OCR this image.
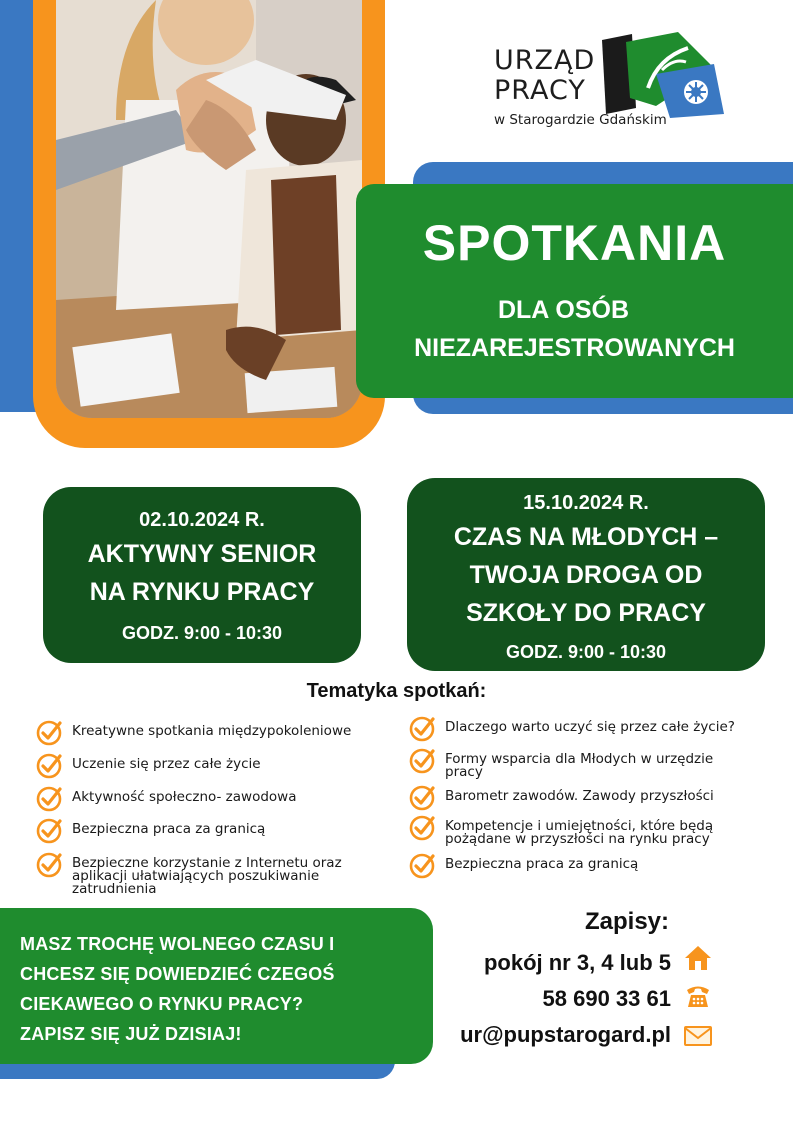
URZĄD
PRACY
w Starogardzie Gdańskim
SPOTKANIA
DLA OSÓB
NIEZAREJESTROWANYCH
02.10.2024 R.
AKTYWNY SENIOR
NA RYNKU PRACY
GODZ. 9:00 - 10:30
15.10.2024 R.
CZAS NA MŁODYCH –
TWOJA DROGA OD
SZKOŁY DO PRACY
GODZ. 9:00 - 10:30
Tematyka spotkań:
Kreatywne spotkania międzypokoleniowe
Uczenie się przez całe życie
Aktywność społeczno- zawodowa
Bezpieczna praca za granicą
Bezpieczne korzystanie z Internetu oraz
aplikacji ułatwiających poszukiwanie
zatrudnienia
Dlaczego warto uczyć się przez całe życie?
Formy wsparcia dla Młodych w urzędzie
pracy
Barometr zawodów. Zawody przyszłości
Kompetencje i umiejętności, które będą
pożądane w przyszłości na rynku pracy
Bezpieczna praca za granicą
MASZ TROCHĘ WOLNEGO CZASU I
CHCESZ SIĘ DOWIEDZIEĆ CZEGOŚ
CIEKAWEGO O RYNKU PRACY?
ZAPISZ SIĘ JUŻ DZISIAJ!
Zapisy:
pokój nr 3, 4 lub 5
58 690 33 61
ur@pupstarogard.pl
